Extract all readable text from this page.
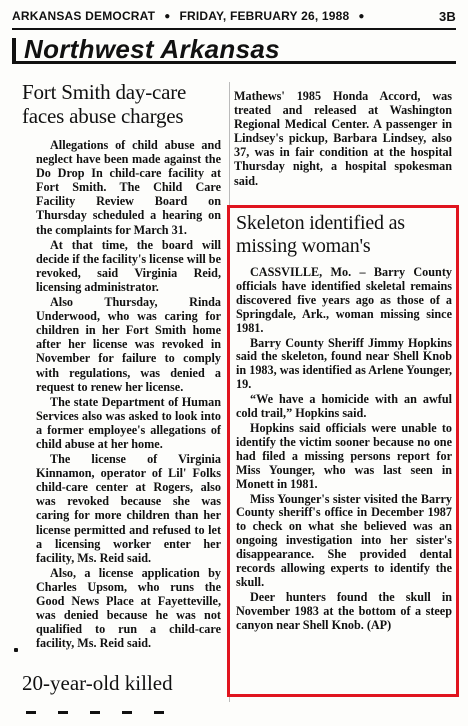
ARKANSAS DEMOCRAT ● FRIDAY, FEBRUARY 26, 1988 ●	3B
Northwest Arkansas
Fort Smith day-care faces abuse charges

Allegations of child abuse and neglect have been made against the Do Drop In child-care facility at Fort Smith. The Child Care Facility Review Board on Thursday scheduled a hearing on the complaints for March 31.

At that time, the board will decide if the facility's license will be revoked, said Virginia Reid, licensing administrator.

Also Thursday, Rinda Underwood, who was caring for children in her Fort Smith home after her license was revoked in November for failure to comply with regulations, was denied a request to renew her license.

The state Department of Human Services also was asked to look into a former employee's allegations of child abuse at her home.

The license of Virginia Kinnamon, operator of Lil' Folks child-care center at Rogers, also was revoked because she was caring for more children than her license permitted and refused to let a licensing worker enter her facility, Ms. Reid said.

Also, a license application by Charles Upsom, who runs the Good News Place at Fayetteville, was denied because he was not qualified to run a child-care facility, Ms. Reid said.

20-year-old killed
Mathews' 1985 Honda Accord, was treated and released at Washington Regional Medical Center. A passenger in Lindsey's pickup, Barbara Lindsey, also 37, was in fair condition at the hospital Thursday night, a hospital spokesman said.
Skeleton identified as missing woman's

CASSVILLE, Mo. – Barry County officials have identified skeletal remains discovered five years ago as those of a Springdale, Ark., woman missing since 1981.

Barry County Sheriff Jimmy Hopkins said the skeleton, found near Shell Knob in 1983, was identified as Arlene Younger, 19.

“We have a homicide with an awful cold trail,” Hopkins said.

Hopkins said officials were unable to identify the victim sooner because no one had filed a missing persons report for Miss Younger, who was last seen in Monett in 1981.

Miss Younger's sister visited the Barry County sheriff's office in December 1987 to check on what she believed was an ongoing investigation into her sister's disappearance. She provided dental records allowing experts to identify the skull.

Deer hunters found the skull in November 1983 at the bottom of a steep canyon near Shell Knob. (AP)
